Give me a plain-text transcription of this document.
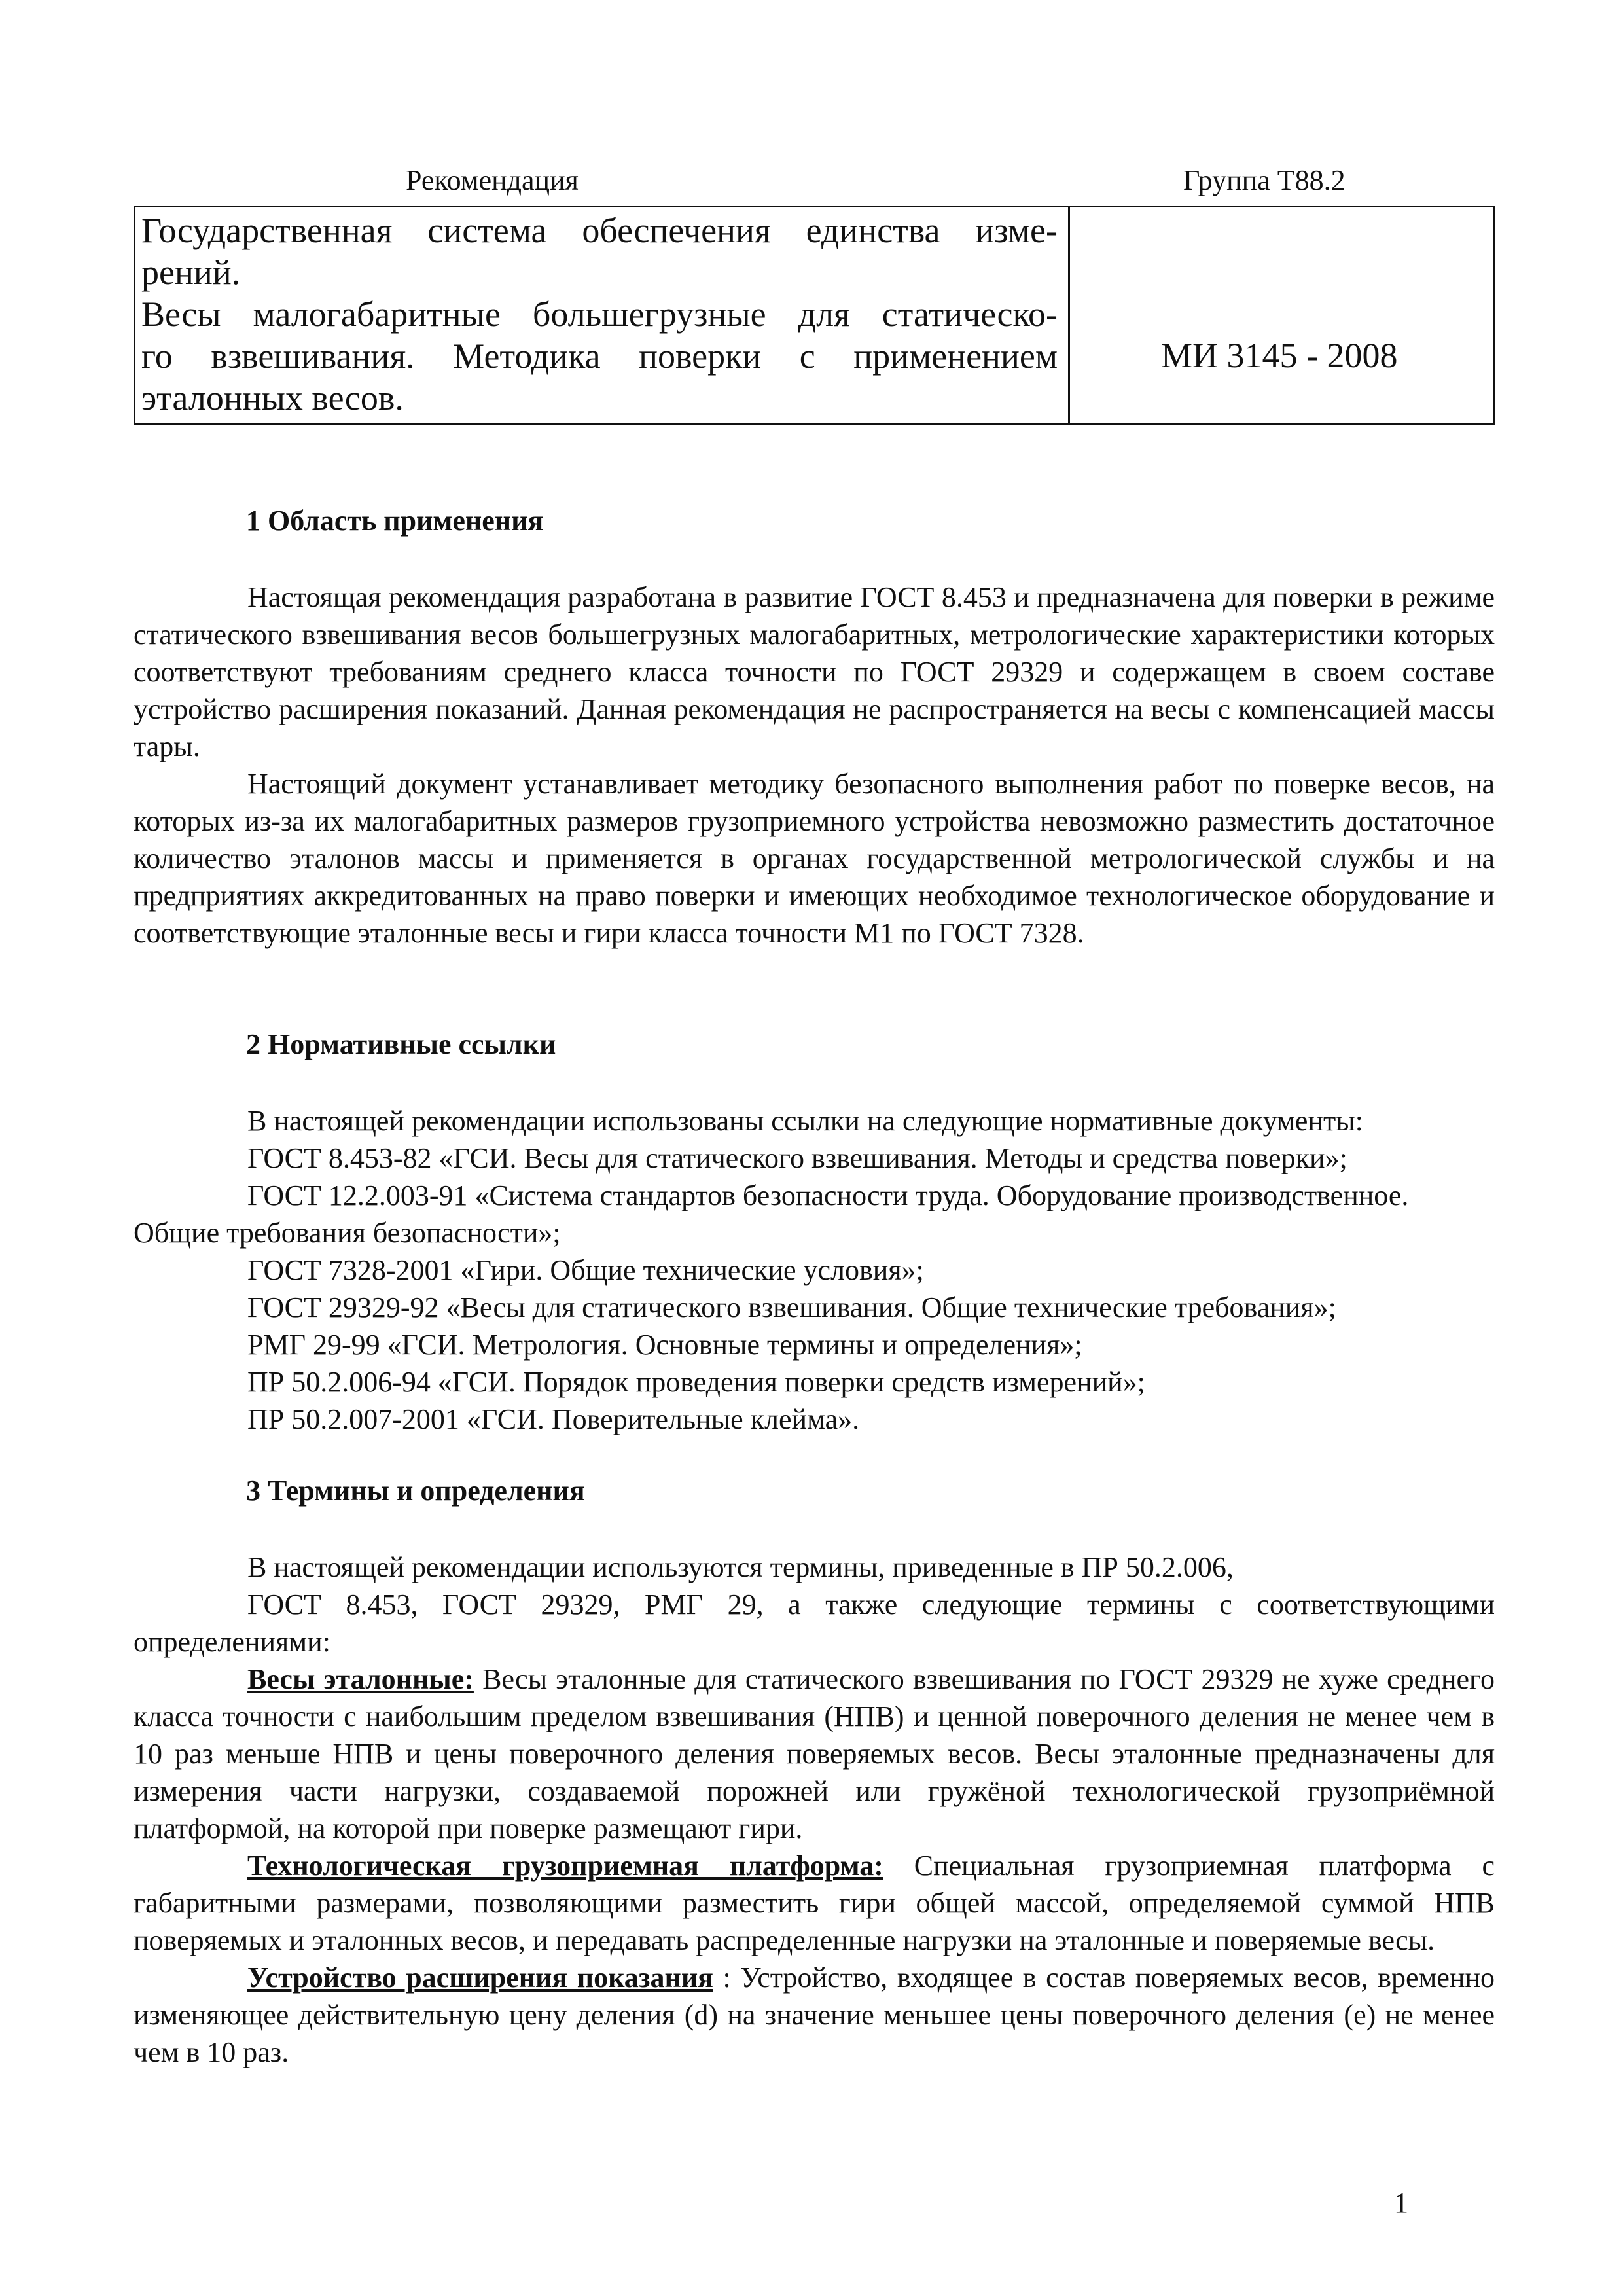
Рекомендация	Группа Т88.2
Государственная система обеспечения единства изме-
рений.
Весы малогабаритные большегрузные для статическо-
го взвешивания. Методика поверки с применением
эталонных весов.
МИ 3145 - 2008
1 Область применения

Настоящая рекомендация разработана в развитие ГОСТ 8.453 и предназначена для поверки в режиме статического взвешивания весов большегрузных малогабаритных, метрологические характеристики которых соответствуют требованиям среднего класса точности по ГОСТ 29329 и содержащем в своем составе устройство расширения показаний. Данная рекомендация не распространяется на весы с компенсацией массы тары.

Настоящий документ устанавливает методику безопасного выполнения работ по поверке весов, на которых из-за их малогабаритных размеров грузоприемного устройства невозможно разместить достаточное количество эталонов массы и применяется в органах государственной метрологической службы и на предприятиях аккредитованных на право поверки и имеющих необходимое технологическое оборудование и соответствующие эталонные весы и гири класса точности М1 по ГОСТ 7328.

2 Нормативные ссылки
В настоящей рекомендации использованы ссылки на следующие нормативные документы:
ГОСТ 8.453-82 «ГСИ. Весы для статического взвешивания. Методы и средства поверки»;
ГОСТ 12.2.003-91 «Система стандартов безопасности труда. Оборудование производственное. Общие требования безопасности»;
ГОСТ 7328-2001 «Гири. Общие технические условия»;
ГОСТ 29329-92 «Весы для статического взвешивания. Общие технические требования»;
РМГ 29-99 «ГСИ. Метрология. Основные термины и определения»;
ПР 50.2.006-94 «ГСИ. Порядок проведения поверки средств измерений»;
ПР 50.2.007-2001 «ГСИ. Поверительные клейма».
3 Термины и определения

В настоящей рекомендации используются термины, приведенные в ПР 50.2.006,

ГОСТ 8.453, ГОСТ 29329, РМГ 29, а также следующие термины с соответствующими определениями:

Весы эталонные: Весы эталонные для статического взвешивания по ГОСТ 29329 не хуже среднего класса точности с наибольшим пределом взвешивания (НПВ) и ценной поверочного деления не менее чем в 10 раз меньше НПВ и цены поверочного деления поверяемых весов. Весы эталонные предназначены для измерения части нагрузки, создаваемой порожней или гружёной технологической грузоприёмной платформой, на которой при поверке размещают гири.

Технологическая грузоприемная платформа: Специальная грузоприемная платформа с габаритными размерами, позволяющими разместить гири общей массой, определяемой суммой НПВ поверяемых и эталонных весов, и передавать распределенные нагрузки на эталонные и поверяемые весы.

Устройство расширения показания : Устройство, входящее в состав поверяемых весов, временно изменяющее действительную цену деления (d) на значение меньшее цены поверочного деления (е) не менее чем в 10 раз.

1
